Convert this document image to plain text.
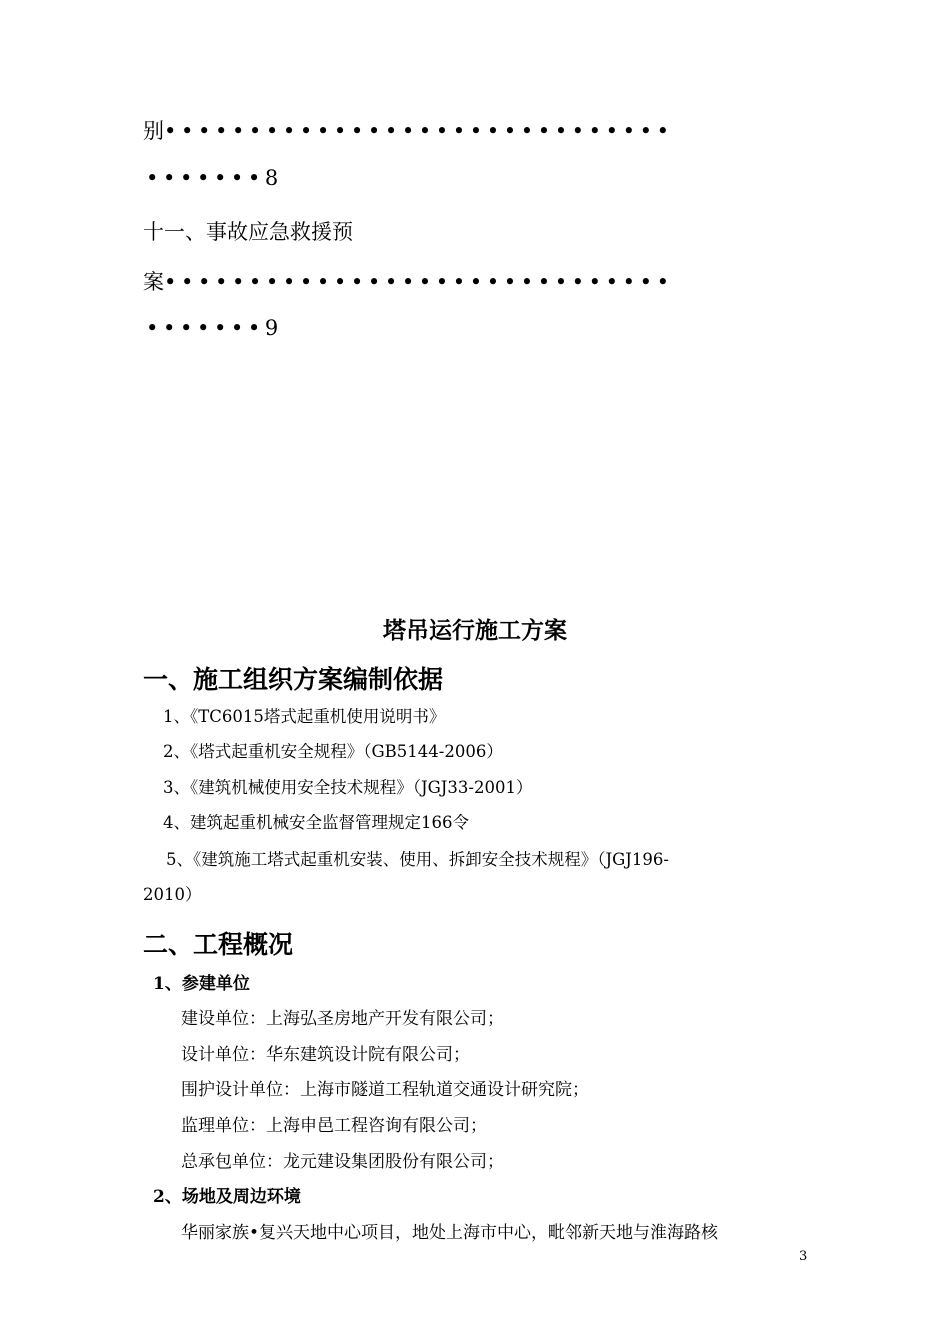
别••••••••••••••••••••••••••••••
•••••••8
十一、事故应急救援预
案••••••••••••••••••••••••••••••
•••••••9
塔吊运行施工方案
一、施工组织方案编制依据
1、《TC6015塔式起重机使用说明书》
2、《塔式起重机安全规程》（GB5144-2006）
3、《建筑机械使用安全技术规程》（JGJ33-2001）
4、建筑起重机械安全监督管理规定166令
5、《建筑施工塔式起重机安装、使用、拆卸安全技术规程》（JGJ196-
2010）
二、工程概况
1、参建单位
建设单位：上海弘圣房地产开发有限公司；
设计单位：华东建筑设计院有限公司；
围护设计单位：上海市隧道工程轨道交通设计研究院；
监理单位：上海申邑工程咨询有限公司；
总承包单位：龙元建设集团股份有限公司；
2、场地及周边环境
华丽家族•复兴天地中心项目，地处上海市中心，毗邻新天地与淮海路核
3
